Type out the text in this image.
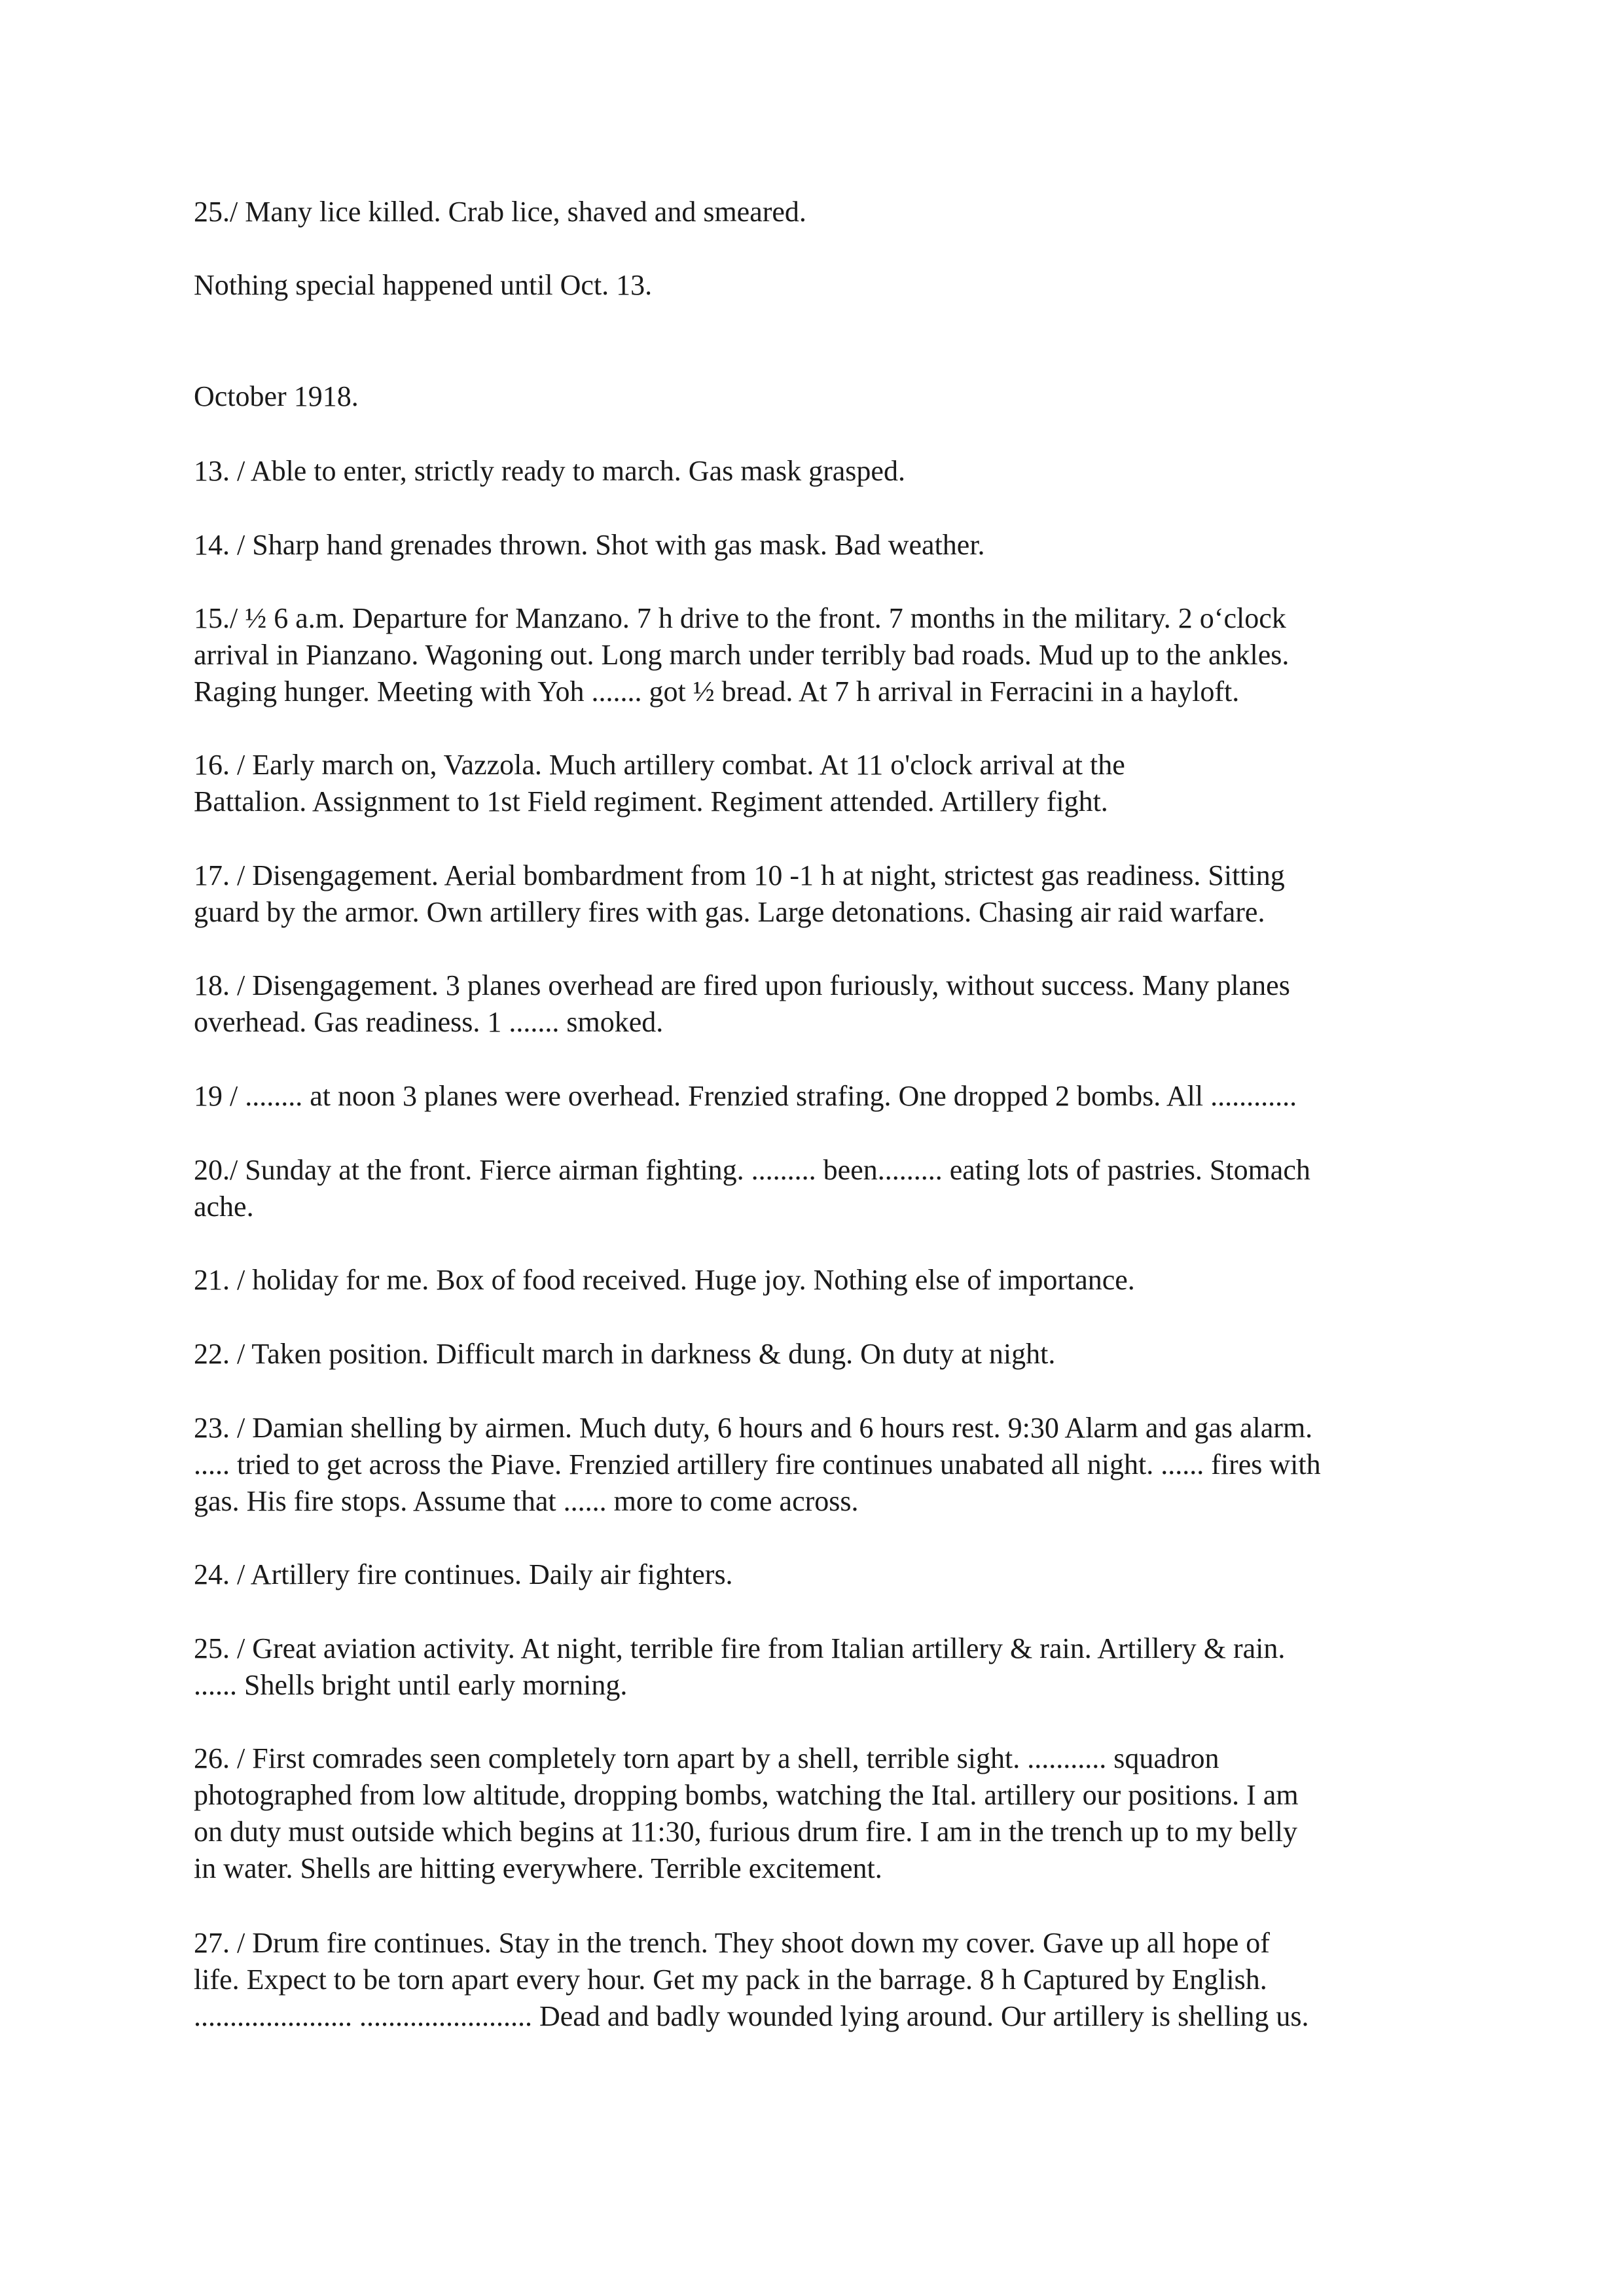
25./ Many lice killed. Crab lice, shaved and smeared.

Nothing special happened until Oct. 13.

October 1918.

13. / Able to enter, strictly ready to march. Gas mask grasped.

14. / Sharp hand grenades thrown. Shot with gas mask. Bad weather.

15./ ½ 6 a.m. Departure for Manzano. 7 h drive to the front. 7 months in the military. 2 o‘clock
arrival in Pianzano. Wagoning out. Long march under terribly bad roads. Mud up to the ankles.
Raging hunger. Meeting with Yoh ....... got ½ bread. At 7 h arrival in Ferracini in a hayloft.

16. / Early march on, Vazzola. Much artillery combat. At 11 o'clock arrival at the
Battalion. Assignment to 1st Field regiment. Regiment attended. Artillery fight.

17. / Disengagement. Aerial bombardment from 10 -1 h at night, strictest gas readiness. Sitting
guard by the armor. Own artillery fires with gas. Large detonations. Chasing air raid warfare.

18. / Disengagement. 3 planes overhead are fired upon furiously, without success. Many planes
overhead. Gas readiness. 1 ....... smoked.

19 / ........ at noon 3 planes were overhead. Frenzied strafing. One dropped 2 bombs. All ............

20./ Sunday at the front. Fierce airman fighting. ......... been......... eating lots of pastries. Stomach
ache.

21. / holiday for me. Box of food received. Huge joy. Nothing else of importance.

22. / Taken position. Difficult march in darkness & dung. On duty at night.

23. / Damian shelling by airmen. Much duty, 6 hours and 6 hours rest. 9:30 Alarm and gas alarm.
..... tried to get across the Piave. Frenzied artillery fire continues unabated all night. ...... fires with
gas. His fire stops. Assume that ...... more to come across.

24. / Artillery fire continues. Daily air fighters.

25. / Great aviation activity. At night, terrible fire from Italian artillery & rain. Artillery & rain.
...... Shells bright until early morning.

26. / First comrades seen completely torn apart by a shell, terrible sight. ........... squadron
photographed from low altitude, dropping bombs, watching the Ital. artillery our positions. I am
on duty must outside which begins at 11:30, furious drum fire. I am in the trench up to my belly
in water. Shells are hitting everywhere. Terrible excitement.

27. / Drum fire continues. Stay in the trench. They shoot down my cover. Gave up all hope of
life. Expect to be torn apart every hour. Get my pack in the barrage. 8 h Captured by English.
...................... ........................ Dead and badly wounded lying around. Our artillery is shelling us.
